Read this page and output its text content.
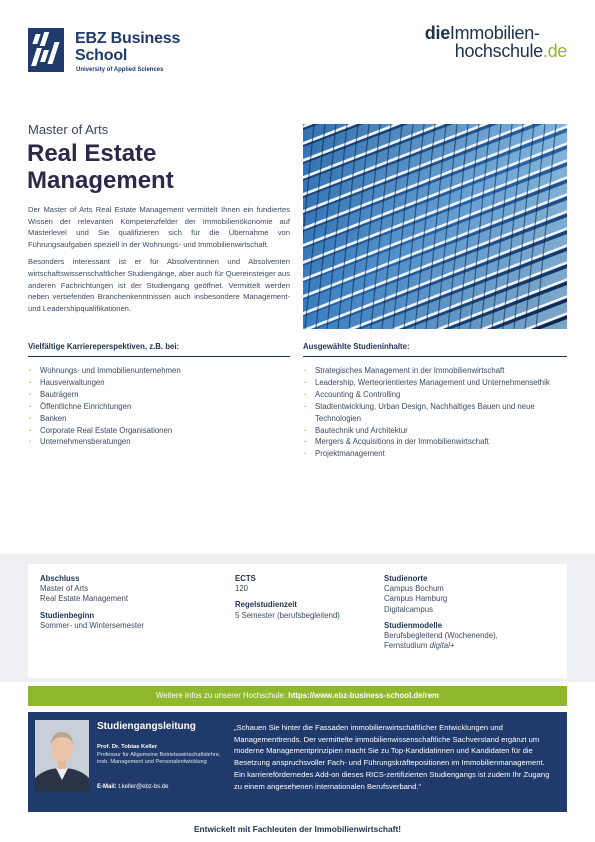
EBZ Business
School
University of Applied Sciences
dieImmobilien-
hochschule.de
Master of Arts
Real Estate
Management

Der Master of Arts Real Estate Management vermittelt Ihnen ein fundiertes Wissen der relevanten Kompetenzfelder der Immobilienökonomie auf Masterlevel und Sie qualifizieren sich für die Übernahme von Führungsaufgaben speziell in der Wohnungs- und Immobilienwirtschaft.

Besonders interessant ist er für Absolventinnen und Absolventen wirtschaftswissenschaftlicher Studiengänge, aber auch für Quereinsteiger aus anderen Fachrichtungen ist der Studiengang geöffnet. Vermittelt werden neben vertiefenden Branchenkenntnissen auch insbesondere Management- und Leadershipqualifikationen.

Vielfältige Karriereperspektiven, z.B. bei:	Ausgewählte Studieninhalte:
· Wohnungs- und Immobilienunternehmen
· Hausverwaltungen
· Bauträgern
· Öffentlichne Einrichtungen
· Banken
· Corporate Real Estate Organisationen
· Unternehmensberatungen
· Strategisches Management in der Immobilienwirtschaft
· Leadership, Werteorientiertes Management und Unternehmensethik
· Accounting & Controlling
· Stadtentwicklung, Urban Design, Nachhaltiges Bauen und neue Technologien
· Bautechnik und Architektur
· Mergers & Acquisitions in der Immobilienwirtschaft
· Projektmanagement
Abschluss
Master of Arts
Real Estate Management
Studienbeginn
Sommer- und Wintersemester
ECTS
120
Regelstudienzeit
5 Semester (berufsbegleitend)
Studienorte
Campus Bochum
Campus Hamburg
Digitalcampus
Studienmodelle
Berufsbegleitend (Wochenende),
Fernstudium digital+
Weitere Infos zu unserer Hochschule: https://www.ebz-business-school.de/rem
Studiengangsleitung
Prof. Dr. Tobias Keller
Professur für Allgemeine Betriebswirtschaftslehre, insb. Management und Personalentwicklung
E-Mail: t.keller@ebz-bs.de
„Schauen Sie hinter die Fassaden immobilienwirtschaftlicher Entwicklungen und Managementtrends. Der vermittelte immobilienwissenschaftliche Sachverstand ergänzt um moderne Managementprinzipien macht Sie zu Top-Kandidatinnen und Kandidaten für die Besetzung anspruchsvoller Fach- und Führungskräftepositionen im Immobilienmanagement. Ein karrierefördernedes Add-on dieses RICS-zertifizierten Studiengangs ist zudem Ihr Zugang zu einem angesehenen internationalen Berufsverband.“
Entwickelt mit Fachleuten der Immobilienwirtschaft!
